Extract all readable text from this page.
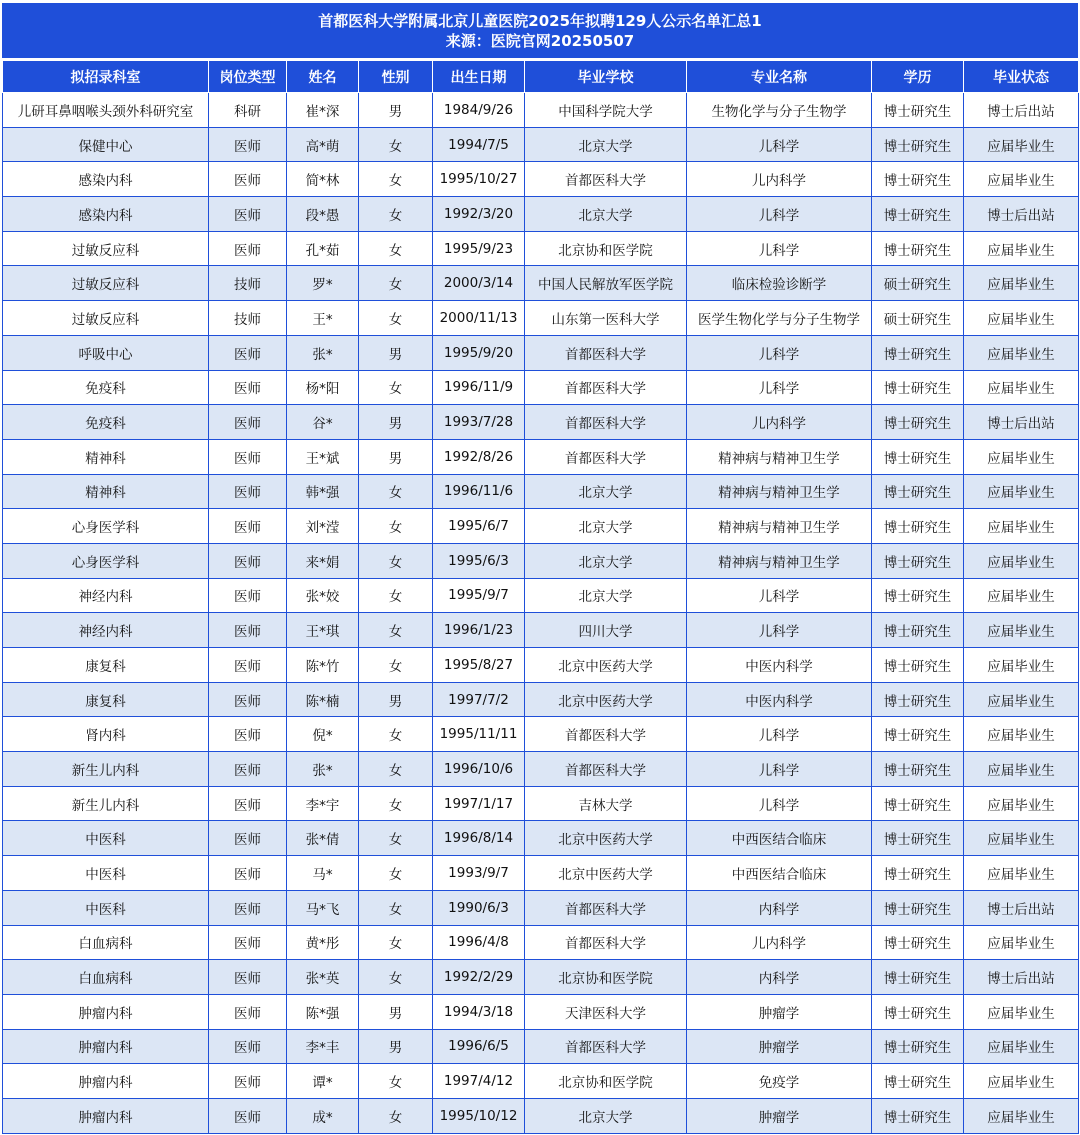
首都医科大学附属北京儿童医院2025年拟聘129人公示名单汇总1
来源：医院官网20250507
拟招录科室	岗位类型	姓名	性别	出生日期	毕业学校	专业名称	学历	毕业状态
儿研耳鼻咽喉头颈外科研究室	科研	崔*深	男	1984/9/26	中国科学院大学	生物化学与分子生物学	博士研究生	博士后出站
保健中心	医师	高*萌	女	1994/7/5	北京大学	儿科学	博士研究生	应届毕业生
感染内科	医师	简*林	女	1995/10/27	首都医科大学	儿内科学	博士研究生	应届毕业生
感染内科	医师	段*愚	女	1992/3/20	北京大学	儿科学	博士研究生	博士后出站
过敏反应科	医师	孔*茹	女	1995/9/23	北京协和医学院	儿科学	博士研究生	应届毕业生
过敏反应科	技师	罗*	女	2000/3/14	中国人民解放军医学院	临床检验诊断学	硕士研究生	应届毕业生
过敏反应科	技师	王*	女	2000/11/13	山东第一医科大学	医学生物化学与分子生物学	硕士研究生	应届毕业生
呼吸中心	医师	张*	男	1995/9/20	首都医科大学	儿科学	博士研究生	应届毕业生
免疫科	医师	杨*阳	女	1996/11/9	首都医科大学	儿科学	博士研究生	应届毕业生
免疫科	医师	谷*	男	1993/7/28	首都医科大学	儿内科学	博士研究生	博士后出站
精神科	医师	王*斌	男	1992/8/26	首都医科大学	精神病与精神卫生学	博士研究生	应届毕业生
精神科	医师	韩*强	女	1996/11/6	北京大学	精神病与精神卫生学	博士研究生	应届毕业生
心身医学科	医师	刘*滢	女	1995/6/7	北京大学	精神病与精神卫生学	博士研究生	应届毕业生
心身医学科	医师	来*娟	女	1995/6/3	北京大学	精神病与精神卫生学	博士研究生	应届毕业生
神经内科	医师	张*姣	女	1995/9/7	北京大学	儿科学	博士研究生	应届毕业生
神经内科	医师	王*琪	女	1996/1/23	四川大学	儿科学	博士研究生	应届毕业生
康复科	医师	陈*竹	女	1995/8/27	北京中医药大学	中医内科学	博士研究生	应届毕业生
康复科	医师	陈*楠	男	1997/7/2	北京中医药大学	中医内科学	博士研究生	应届毕业生
肾内科	医师	倪*	女	1995/11/11	首都医科大学	儿科学	博士研究生	应届毕业生
新生儿内科	医师	张*	女	1996/10/6	首都医科大学	儿科学	博士研究生	应届毕业生
新生儿内科	医师	李*宇	女	1997/1/17	吉林大学	儿科学	博士研究生	应届毕业生
中医科	医师	张*倩	女	1996/8/14	北京中医药大学	中西医结合临床	博士研究生	应届毕业生
中医科	医师	马*	女	1993/9/7	北京中医药大学	中西医结合临床	博士研究生	应届毕业生
中医科	医师	马*飞	女	1990/6/3	首都医科大学	内科学	博士研究生	博士后出站
白血病科	医师	黄*彤	女	1996/4/8	首都医科大学	儿内科学	博士研究生	应届毕业生
白血病科	医师	张*英	女	1992/2/29	北京协和医学院	内科学	博士研究生	博士后出站
肿瘤内科	医师	陈*强	男	1994/3/18	天津医科大学	肿瘤学	博士研究生	应届毕业生
肿瘤内科	医师	李*丰	男	1996/6/5	首都医科大学	肿瘤学	博士研究生	应届毕业生
肿瘤内科	医师	谭*	女	1997/4/12	北京协和医学院	免疫学	博士研究生	应届毕业生
肿瘤内科	医师	成*	女	1995/10/12	北京大学	肿瘤学	博士研究生	应届毕业生
